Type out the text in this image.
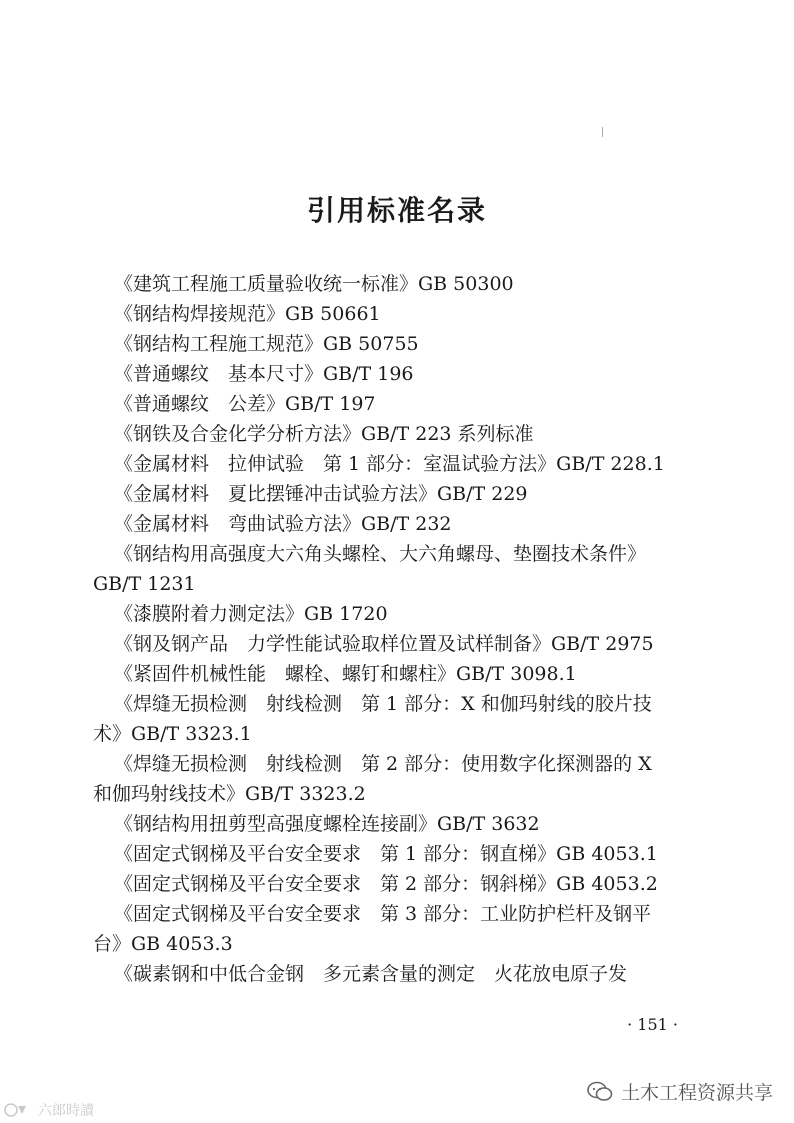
引用标准名录

《建筑工程施工质量验收统一标准》GB 50300

《钢结构焊接规范》GB 50661

《钢结构工程施工规范》GB 50755

《普通螺纹　基本尺寸》GB/T 196

《普通螺纹　公差》GB/T 197

《钢铁及合金化学分析方法》GB/T 223 系列标准

《金属材料　拉伸试验　第 1 部分：室温试验方法》GB/T 228.1

《金属材料　夏比摆锤冲击试验方法》GB/T 229

《金属材料　弯曲试验方法》GB/T 232

《钢结构用高强度大六角头螺栓、大六角螺母、垫圈技术条件》
GB/T 1231

《漆膜附着力测定法》GB 1720

《钢及钢产品　力学性能试验取样位置及试样制备》GB/T 2975

《紧固件机械性能　螺栓、螺钉和螺柱》GB/T 3098.1

《焊缝无损检测　射线检测　第 1 部分：X 和伽玛射线的胶片技
术》GB/T 3323.1

《焊缝无损检测　射线检测　第 2 部分：使用数字化探测器的 X
和伽玛射线技术》GB/T 3323.2

《钢结构用扭剪型高强度螺栓连接副》GB/T 3632

《固定式钢梯及平台安全要求　第 1 部分：钢直梯》GB 4053.1

《固定式钢梯及平台安全要求　第 2 部分：钢斜梯》GB 4053.2

《固定式钢梯及平台安全要求　第 3 部分：工业防护栏杆及钢平
台》GB 4053.3

《碳素钢和中低合金钢　多元素含量的测定　火花放电原子发

· 151 ·
土木工程资源共享
六郎時讀
